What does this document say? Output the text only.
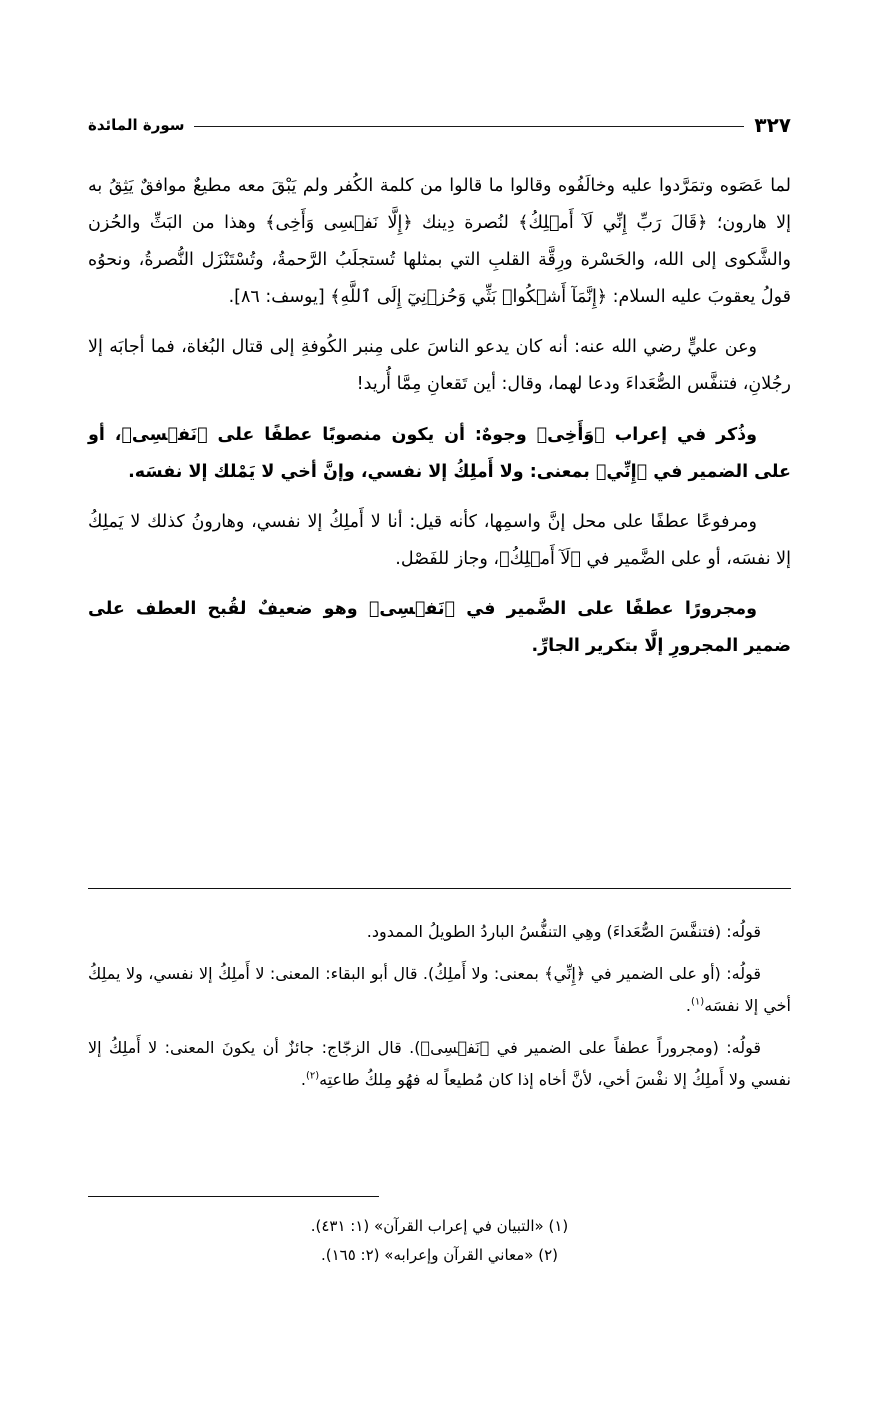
٣٢٧
سورة المائدة

لما عَصَوه وتمَرَّدوا عليه وخالَفُوه وقالوا ما قالوا من كلمة الكُفر ولم يَبْقَ معه مطيعٌ موافقٌ يَثِقُ به إلا هارون؛ ﴿قَالَ رَبِّ إِنِّي لَآ أَمۡلِكُ﴾ لنُصرة دِينك ﴿إِلَّا نَفۡسِى وَأَخِى﴾ وهذا من البَثِّ والحُزن والشَّكوى إلى الله، والحَسْرة ورِقَّة القلبِ التي بمثلها تُستجلَبُ الرَّحمةُ، وتُسْتَنْزَل النُّصرةُ، ونحوُه قولُ يعقوبَ عليه السلام: ﴿إِنَّمَآ أَشۡكُوا۟ بَثِّي وَحُزۡنِيٓ إِلَى ٱللَّهِ﴾ [يوسف: ٨٦].

وعن عليٍّ رضي الله عنه: أنه كان يدعو الناسَ على مِنبر الكُوفةِ إلى قتال البُغاة، فما أجابَه إلا رجُلانِ، فتنفَّس الصُّعَداءَ ودعا لهما، وقال: أين تَقعانِ مِمَّا أُريد!

وذُكر في إعراب ﴿وَأَخِى﴾ وجوهٌ: أن يكون منصوبًا عطفًا على ﴿نَفۡسِى﴾، أو على الضمير في ﴿إِنِّي﴾ بمعنى: ولا أَملِكُ إلا نفسي، وإنَّ أخي لا يَمْلك إلا نفسَه.

ومرفوعًا عطفًا على محل إنَّ واسمِها، كأنه قيل: أنا لا أَملِكُ إلا نفسي، وهارونُ كذلك لا يَملِكُ إلا نفسَه، أو على الضَّمير في ﴿لَآ أَمۡلِكُ﴾، وجاز للفَصْل.

ومجرورًا عطفًا على الضَّمير في ﴿نَفۡسِى﴾ وهو ضعيفٌ لقُبح العطف على ضمير المجرورِ إلَّا بتكرير الجارِّ.

قولُه: (فتنفَّسَ الصُّعَداءَ) وهِي التنفُّسُ الباردُ الطويلُ الممدود.

قولُه: (أو على الضمير في ﴿إِنِّي﴾ بمعنى: ولا أَملِكُ). قال أبو البقاء: المعنى: لا أَملِكُ إلا نفسي، ولا يملِكُ أخي إلا نفسَه$^{(١)}$.

قولُه: (ومجروراً عطفاً على الضمير في ﴿نَفۡسِى﴾). قال الزجّاج: جائزٌ أن يكونَ المعنى: لا أَملِكُ إلا نفسي ولا أَملِكُ إلا نفْسَ أخي، لأنَّ أخاه إذا كان مُطيعاً له فهُو مِلكُ طاعتِه$^{(٢)}$.

(١) «التبيان في إعراب القرآن» (١: ٤٣١).

(٢) «معاني القرآن وإعرابه» (٢: ١٦٥).
